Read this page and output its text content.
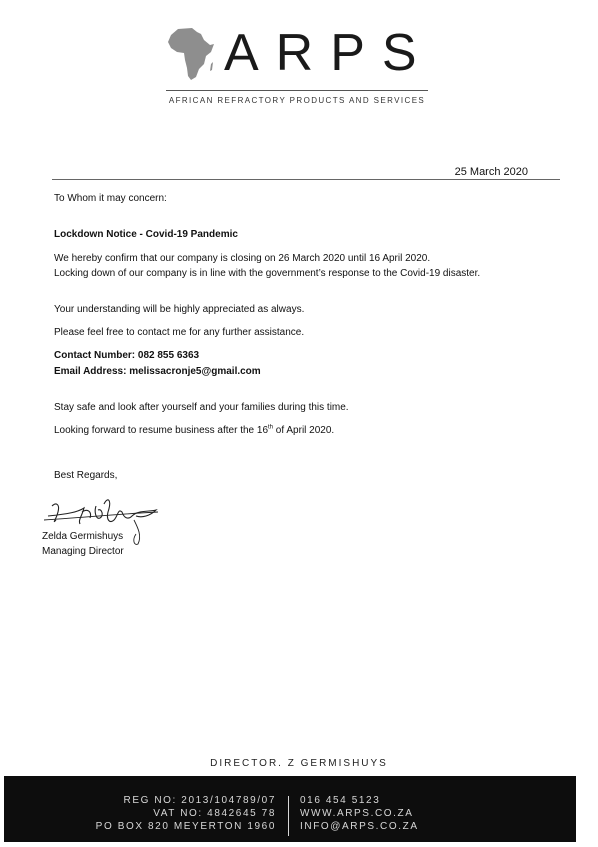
ARPS
AFRICAN REFRACTORY PRODUCTS AND SERVICES
25 March 2020
To Whom it may concern:
Lockdown Notice - Covid-19 Pandemic
We hereby confirm that our company is closing on 26 March 2020 until 16 April 2020.
Locking down of our company is in line with the government’s response to the Covid-19 disaster.
Your understanding will be highly appreciated as always.
Please feel free to contact me for any further assistance.
Contact Number: 082 855 6363
Email Address: melissacronje5@gmail.com
Stay safe and look after yourself and your families during this time.
Looking forward to resume business after the 16th of April 2020.
Best Regards,
Zelda Germishuys
Managing Director
DIRECTOR. Z GERMISHUYS
REG NO: 2013/104789/07
VAT NO: 4842645 78
PO BOX 820 MEYERTON 1960
016 454 5123
WWW.ARPS.CO.ZA
INFO@ARPS.CO.ZA
